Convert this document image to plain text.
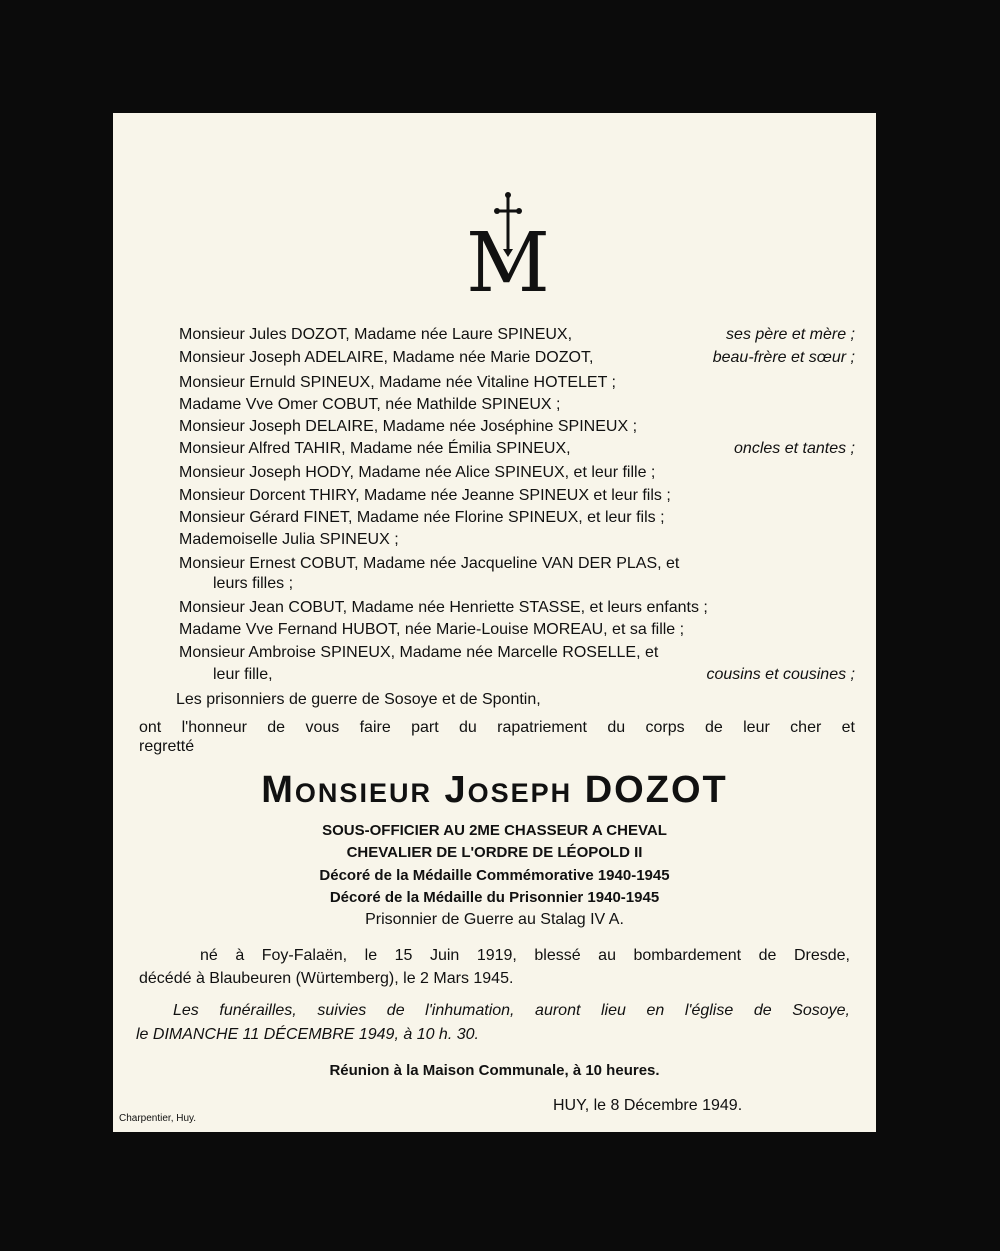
M
Monsieur Jules DOZOT, Madame née Laure SPINEUX,	ses père et mère ;
Monsieur Joseph ADELAIRE, Madame née Marie DOZOT,	beau-frère et sœur ;
Monsieur Ernuld SPINEUX, Madame née Vitaline HOTELET ;
Madame Vve Omer COBUT, née Mathilde SPINEUX ;
Monsieur Joseph DELAIRE, Madame née Joséphine SPINEUX ;
Monsieur Alfred TAHIR, Madame née Émilia SPINEUX,	oncles et tantes ;
Monsieur Joseph HODY, Madame née Alice SPINEUX, et leur fille ;
Monsieur Dorcent THIRY, Madame née Jeanne SPINEUX et leur fils ;
Monsieur Gérard FINET, Madame née Florine SPINEUX, et leur fils ;
Mademoiselle Julia SPINEUX ;
Monsieur Ernest COBUT, Madame née Jacqueline VAN DER PLAS, et
leurs filles ;
Monsieur Jean COBUT, Madame née Henriette STASSE, et leurs enfants ;
Madame Vve Fernand HUBOT, née Marie-Louise MOREAU, et sa fille ;
Monsieur Ambroise SPINEUX, Madame née Marcelle ROSELLE, et
leur fille,	cousins et cousines ;
Les prisonniers de guerre de Sosoye et de Spontin,
ont l'honneur de vous faire part du rapatriement du corps de leur cher et
regretté
Monsieur Joseph DOZOT
SOUS-OFFICIER AU 2ME CHASSEUR A CHEVAL
CHEVALIER DE L'ORDRE DE LÉOPOLD II
Décoré de la Médaille Commémorative 1940-1945
Décoré de la Médaille du Prisonnier 1940-1945
Prisonnier de Guerre au Stalag IV A.
né à Foy-Falaën, le 15 Juin 1919, blessé au bombardement de Dresde,
décédé à Blaubeuren (Würtemberg), le 2 Mars 1945.
Les funérailles, suivies de l'inhumation, auront lieu en l'église de Sosoye,
le DIMANCHE 11 DÉCEMBRE 1949, à 10 h. 30.
Réunion à la Maison Communale, à 10 heures.
HUY, le 8 Décembre 1949.
Charpentier, Huy.
